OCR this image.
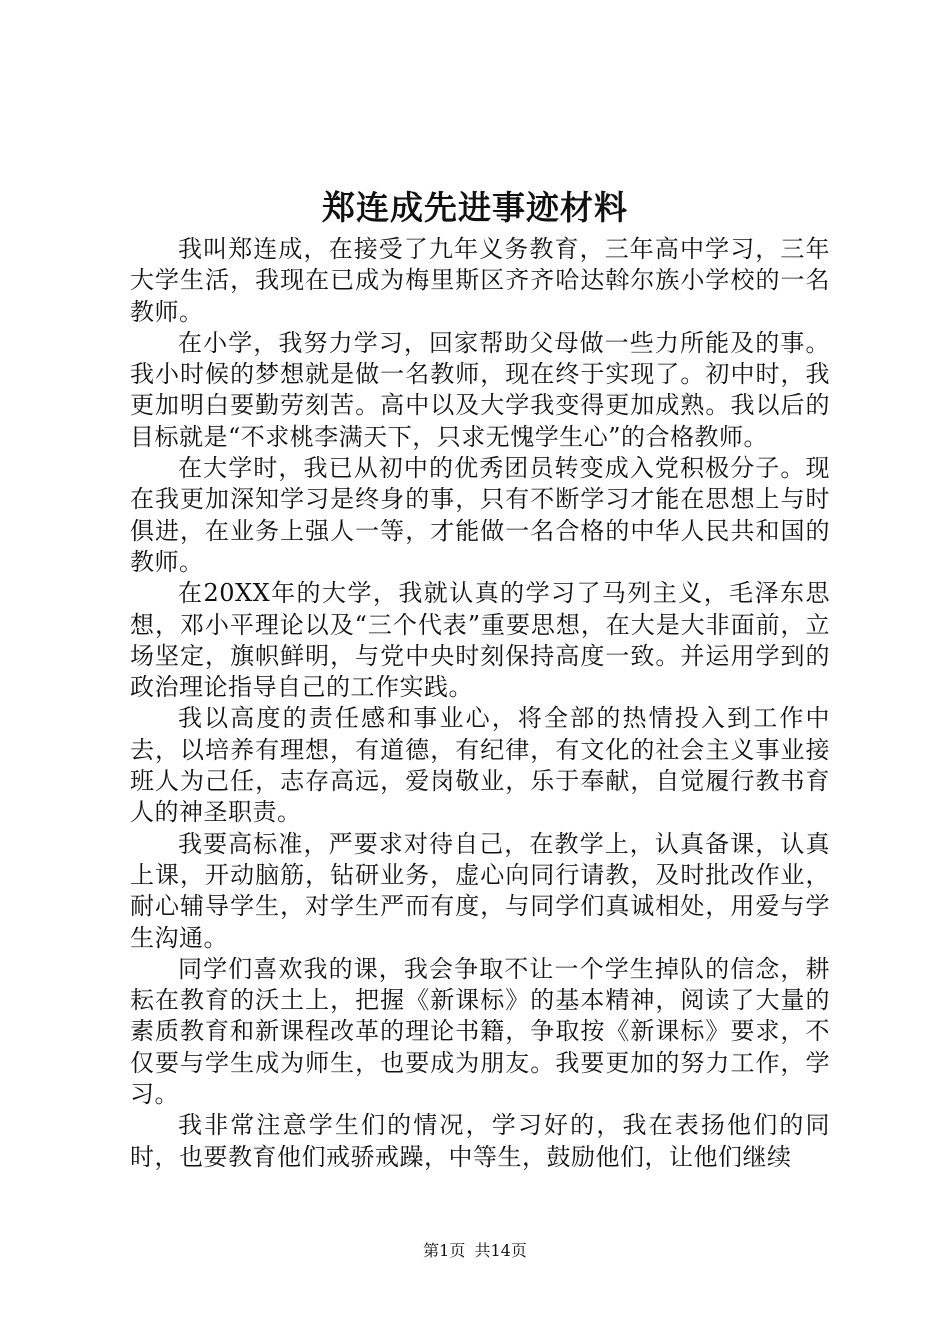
郑连成先进事迹材料

我叫郑连成，在接受了九年义务教育，三年高中学习，三年大学生活，我现在已成为梅里斯区齐齐哈达斡尔族小学校的一名教师。

在小学，我努力学习，回家帮助父母做一些力所能及的事。我小时候的梦想就是做一名教师，现在终于实现了。初中时，我更加明白要勤劳刻苦。高中以及大学我变得更加成熟。我以后的目标就是“不求桃李满天下，只求无愧学生心”的合格教师。

在大学时，我已从初中的优秀团员转变成入党积极分子。现在我更加深知学习是终身的事，只有不断学习才能在思想上与时俱进，在业务上强人一等，才能做一名合格的中华人民共和国的教师。

在20XX年的大学，我就认真的学习了马列主义，毛泽东思想，邓小平理论以及“三个代表”重要思想，在大是大非面前，立场坚定，旗帜鲜明，与党中央时刻保持高度一致。并运用学到的政治理论指导自己的工作实践。

我以高度的责任感和事业心，将全部的热情投入到工作中去，以培养有理想，有道德，有纪律，有文化的社会主义事业接班人为己任，志存高远，爱岗敬业，乐于奉献，自觉履行教书育人的神圣职责。

我要高标准，严要求对待自己，在教学上，认真备课，认真上课，开动脑筋，钻研业务，虚心向同行请教，及时批改作业，耐心辅导学生，对学生严而有度，与同学们真诚相处，用爱与学生沟通。

同学们喜欢我的课，我会争取不让一个学生掉队的信念，耕耘在教育的沃土上，把握《新课标》的基本精神，阅读了大量的素质教育和新课程改革的理论书籍，争取按《新课标》要求，不仅要与学生成为师生，也要成为朋友。我要更加的努力工作，学习。

我非常注意学生们的情况，学习好的，我在表扬他们的同时，也要教育他们戒骄戒躁，中等生，鼓励他们，让他们继续

第1页 共14页
